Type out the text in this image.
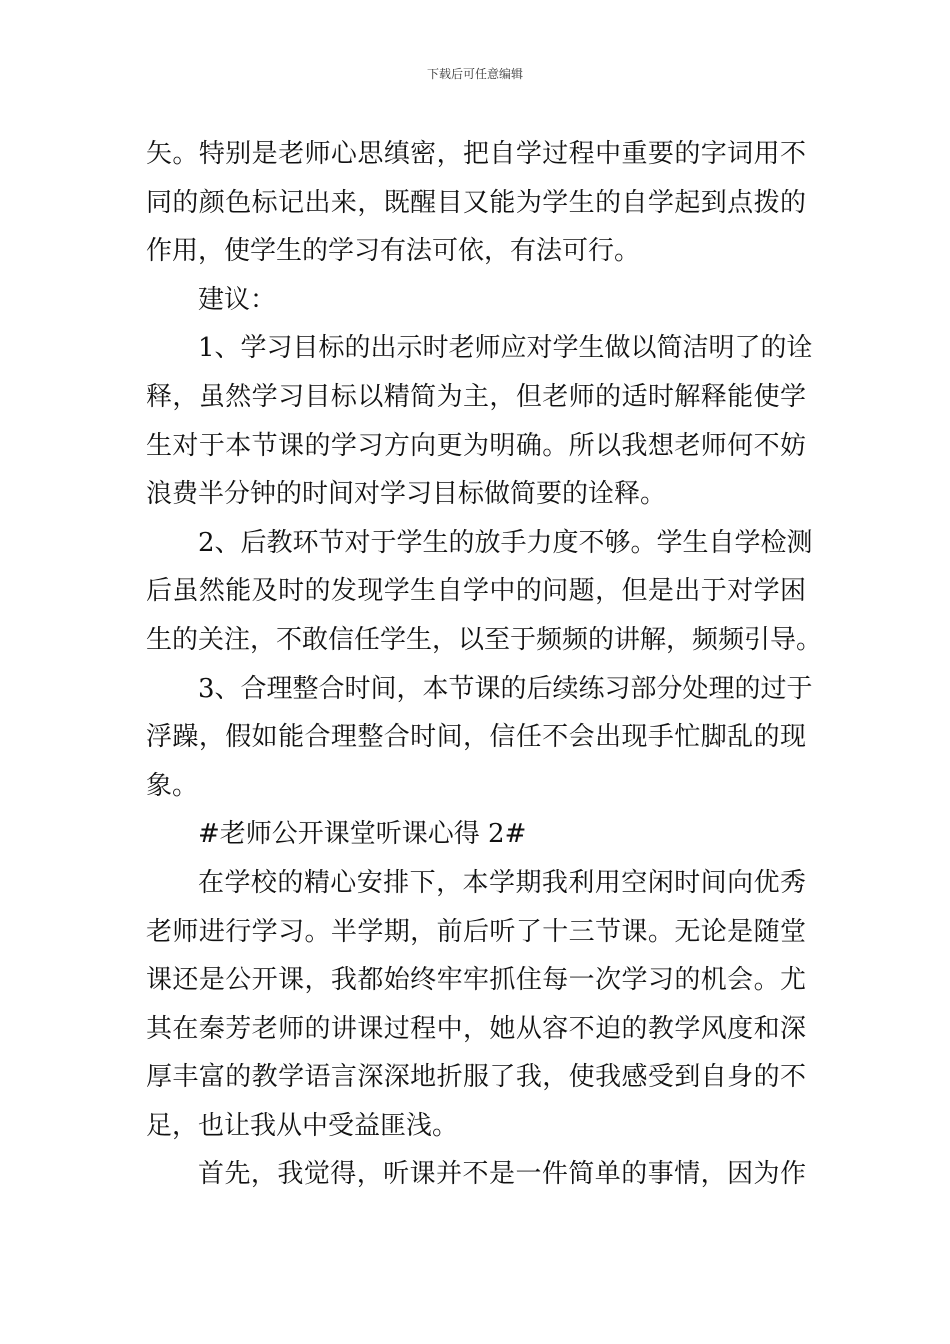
下载后可任意编辑
矢。特别是老师心思缜密，把自学过程中重要的字词用不
同的颜色标记出来，既醒目又能为学生的自学起到点拨的
作用，使学生的学习有法可依，有法可行。
建议：
1、学习目标的出示时老师应对学生做以简洁明了的诠
释，虽然学习目标以精简为主，但老师的适时解释能使学
生对于本节课的学习方向更为明确。所以我想老师何不妨
浪费半分钟的时间对学习目标做简要的诠释。
2、后教环节对于学生的放手力度不够。学生自学检测
后虽然能及时的发现学生自学中的问题，但是出于对学困
生的关注，不敢信任学生，以至于频频的讲解，频频引导。
3、合理整合时间，本节课的后续练习部分处理的过于
浮躁，假如能合理整合时间，信任不会出现手忙脚乱的现
象。
#老师公开课堂听课心得 2#
在学校的精心安排下，本学期我利用空闲时间向优秀
老师进行学习。半学期，前后听了十三节课。无论是随堂
课还是公开课，我都始终牢牢抓住每一次学习的机会。尤
其在秦芳老师的讲课过程中，她从容不迫的教学风度和深
厚丰富的教学语言深深地折服了我，使我感受到自身的不
足，也让我从中受益匪浅。
首先，我觉得，听课并不是一件简单的事情，因为作
